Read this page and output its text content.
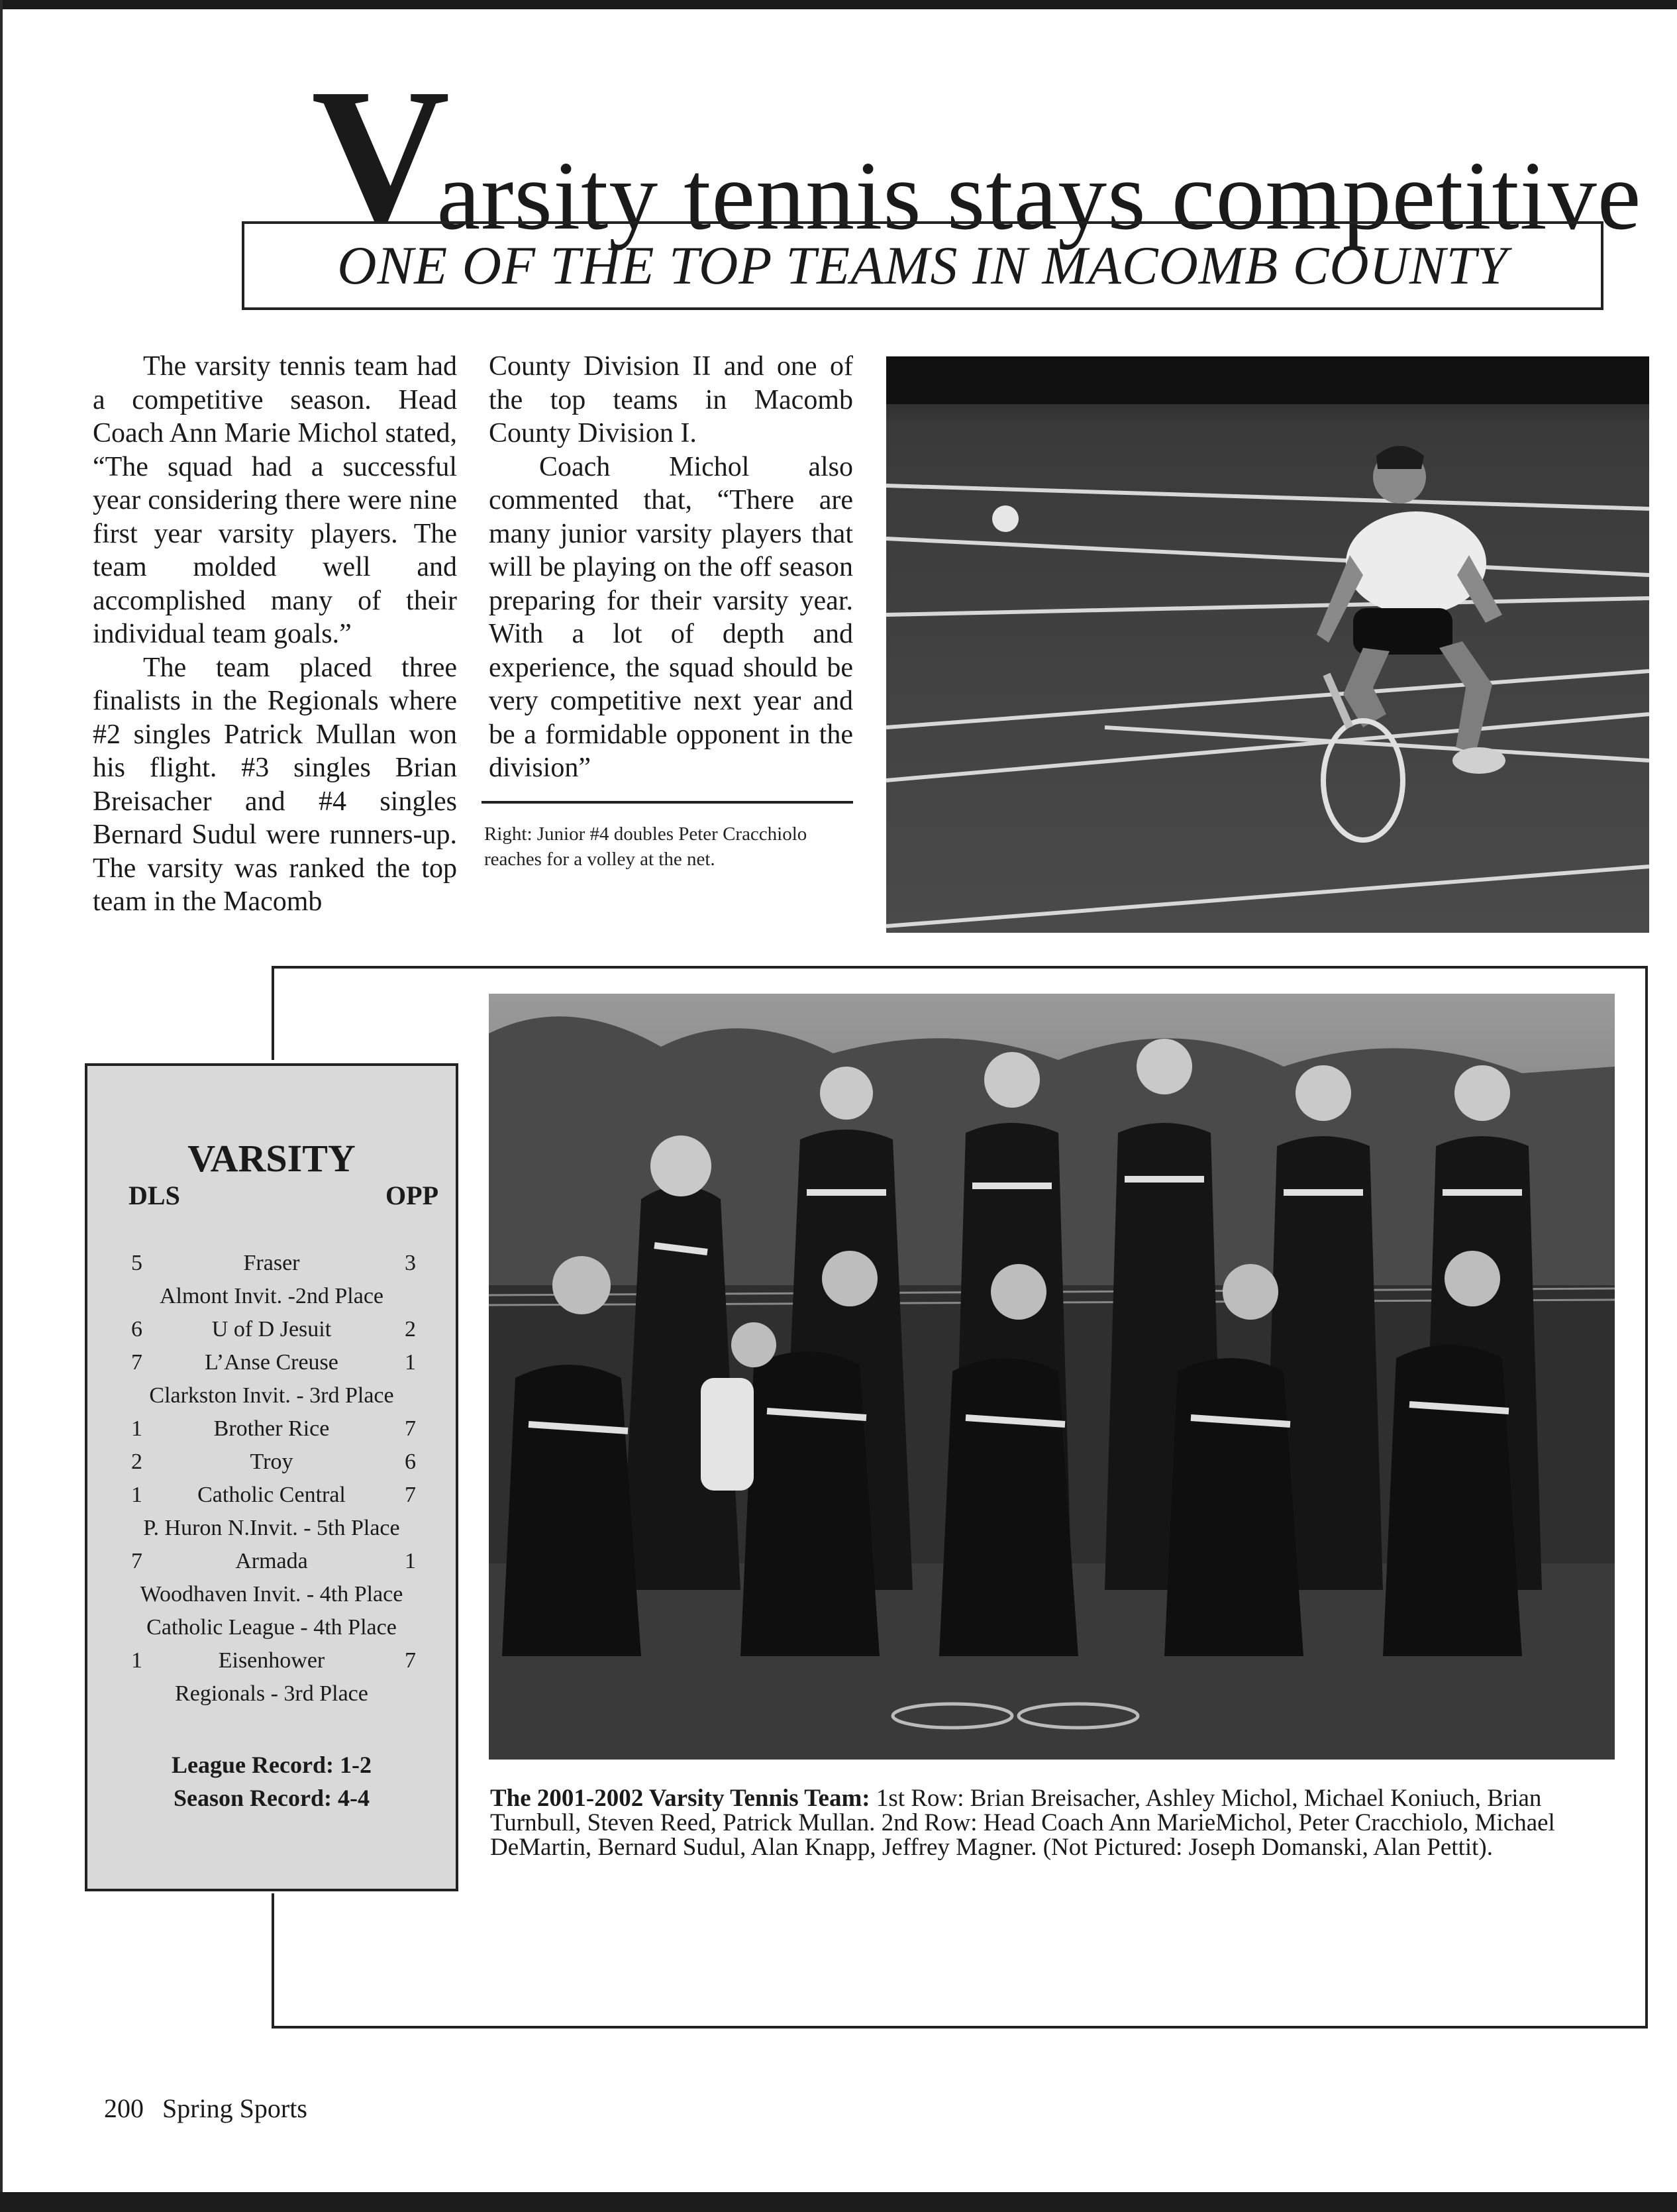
Varsity tennis stays competitive
ONE OF THE TOP TEAMS IN MACOMB COUNTY

The varsity tennis team had a competitive season. Head Coach Ann Marie Michol stated, “The squad had a successful year considering there were nine first year varsity players. The team molded well and accomplished many of their individual team goals.”

The team placed three finalists in the Regionals where #2 singles Patrick Mullan won his flight. #3 singles Brian Breisacher and #4 singles Bernard Sudul were runners-up. The varsity was ranked the top team in the Macomb

County Division II and one of the top teams in Macomb County Division I.

Coach Michol also commented that, “There are many junior varsity players that will be playing on the off season preparing for their varsity year. With a lot of depth and experience, the squad should be very competitive next year and be a formidable opponent in the division”

Right: Junior #4 doubles Peter Cracchiolo reaches for a volley at the net.
VARSITY
DLS	OPP
5	Fraser	3
Almont Invit. -2nd Place
6	U of D Jesuit	2
7	L’Anse Creuse	1
Clarkston Invit. - 3rd Place
1	Brother Rice	7
2	Troy	6
1	Catholic Central	7
P. Huron N.Invit. - 5th Place
7	Armada	1
Woodhaven Invit. - 4th Place
Catholic League - 4th Place
1	Eisenhower	7
Regionals - 3rd Place
League Record: 1-2
Season Record: 4-4	The 2001-2002 Varsity Tennis Team: 1st Row: Brian Breisacher, Ashley Michol, Michael Koniuch, Brian Turnbull, Steven Reed, Patrick Mullan. 2nd Row: Head Coach Ann MarieMichol, Peter Cracchiolo, Michael DeMartin, Bernard Sudul, Alan Knapp, Jeffrey Magner. (Not Pictured: Joseph Domanski, Alan Pettit).
200 Spring Sports
